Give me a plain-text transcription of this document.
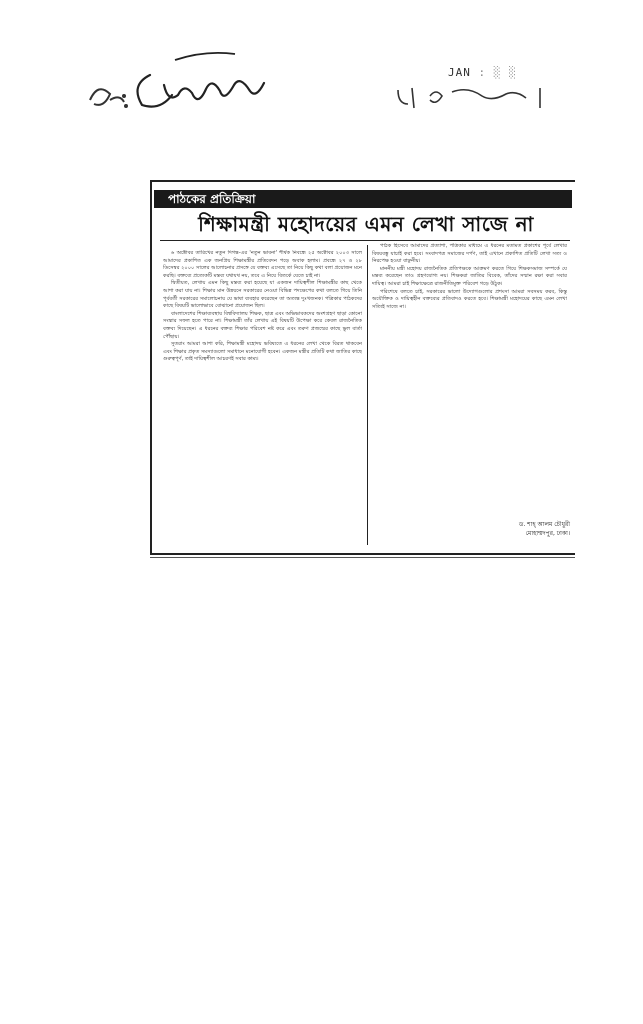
JAN : ░ ░
পাঠকের প্রতিক্রিয়া
শিক্ষামন্ত্রী মহোদয়ের এমন লেখা সাজে না

৬ অক্টোবর তারিখের নতুন দিগন্ত-এর 'নতুন ভাবনা' শীর্ষক নিবন্ধে ২৫ অক্টোবর ২০০৩ সালে আমাদের প্রকাশিত এক জনপ্রিয় শিক্ষামন্ত্রীর প্রতিবেদন পড়ে অবাক হলাম। প্রবন্ধে ২৭ ও ২৮ ডিসেম্বর ২০০০ সালের আলোচনার প্রসঙ্গে যে বক্তব্য এসেছে তা নিয়ে কিছু কথা বলা প্রয়োজন মনে করছি। বক্তব্যে প্রত্যেকটি মন্তব্য যথাযথ নয়, তবে এ নিয়ে বিতর্কে যেতে চাই না।

দ্বিতীয়ত, লেখায় এমন কিছু মন্তব্য করা হয়েছে যা একজন দায়িত্বশীল শিক্ষামন্ত্রীর কাছ থেকে আশা করা যায় না। শিক্ষার মান উন্নয়নে সরকারের নেওয়া বিভিন্ন পদক্ষেপের কথা বলতে গিয়ে তিনি পূর্ববর্তী সরকারের সমালোচনায় যে ভাষা ব্যবহার করেছেন তা অত্যন্ত দুঃখজনক। পত্রিকার পাঠকদের কাছে বিষয়টি ভালোভাবে বোঝানো প্রয়োজন ছিল।

বাংলাদেশের শিক্ষাব্যবস্থায় বিশ্ববিদ্যালয় শিক্ষক, ছাত্র এবং অভিভাবকদের অংশগ্রহণ ছাড়া কোনো সংস্কার সফল হতে পারে না। শিক্ষামন্ত্রী তাঁর লেখায় এই বিষয়টি উপেক্ষা করে কেবল রাজনৈতিক বক্তব্য দিয়েছেন। এ ধরনের বক্তব্য শিক্ষার পরিবেশ নষ্ট করে এবং তরুণ প্রজন্মের কাছে ভুল বার্তা পৌঁছায়।

সুতরাং আমরা আশা করি, শিক্ষামন্ত্রী মহোদয় ভবিষ্যতে এ ধরনের লেখা থেকে বিরত থাকবেন এবং শিক্ষার প্রকৃত সমস্যাগুলো সমাধানে মনোযোগী হবেন। একজন মন্ত্রীর প্রতিটি কথা জাতির কাছে গুরুত্বপূর্ণ, তাই দায়িত্বশীল আচরণই সবার কাম্য।

পাঠক হিসেবে আমাদের প্রত্যাশা, পত্রিকার মাধ্যমে এ ধরনের মতামত প্রকাশের পূর্বে লেখার বিষয়বস্তু যাচাই করা হবে। সংবাদপত্র সমাজের দর্পণ, তাই এখানে প্রকাশিত প্রতিটি লেখা সত্য ও নিরপেক্ষ হওয়া বাঞ্ছনীয়।

মাননীয় মন্ত্রী মহোদয় রাজনৈতিক প্রতিপক্ষকে আক্রমণ করতে গিয়ে শিক্ষকসমাজ সম্পর্কে যে মন্তব্য করেছেন তাও গ্রহণযোগ্য নয়। শিক্ষকরা জাতির বিবেক, তাঁদের সম্মান রক্ষা করা সবার দায়িত্ব। আমরা চাই শিক্ষাক্ষেত্রে রাজনীতিমুক্ত পরিবেশ গড়ে উঠুক।

পরিশেষে বলতে চাই, সরকারের ভালো উদ্যোগগুলোর প্রশংসা আমরা সবসময় করব, কিন্তু অযৌক্তিক ও দায়িত্বহীন বক্তব্যের প্রতিবাদও করতে হবে। শিক্ষামন্ত্রী মহোদয়ের কাছে এমন লেখা সত্যিই সাজে না।

ড. শাহ্‌ আলম চৌধুরী
মোহাম্মদপুর, ঢাকা।
